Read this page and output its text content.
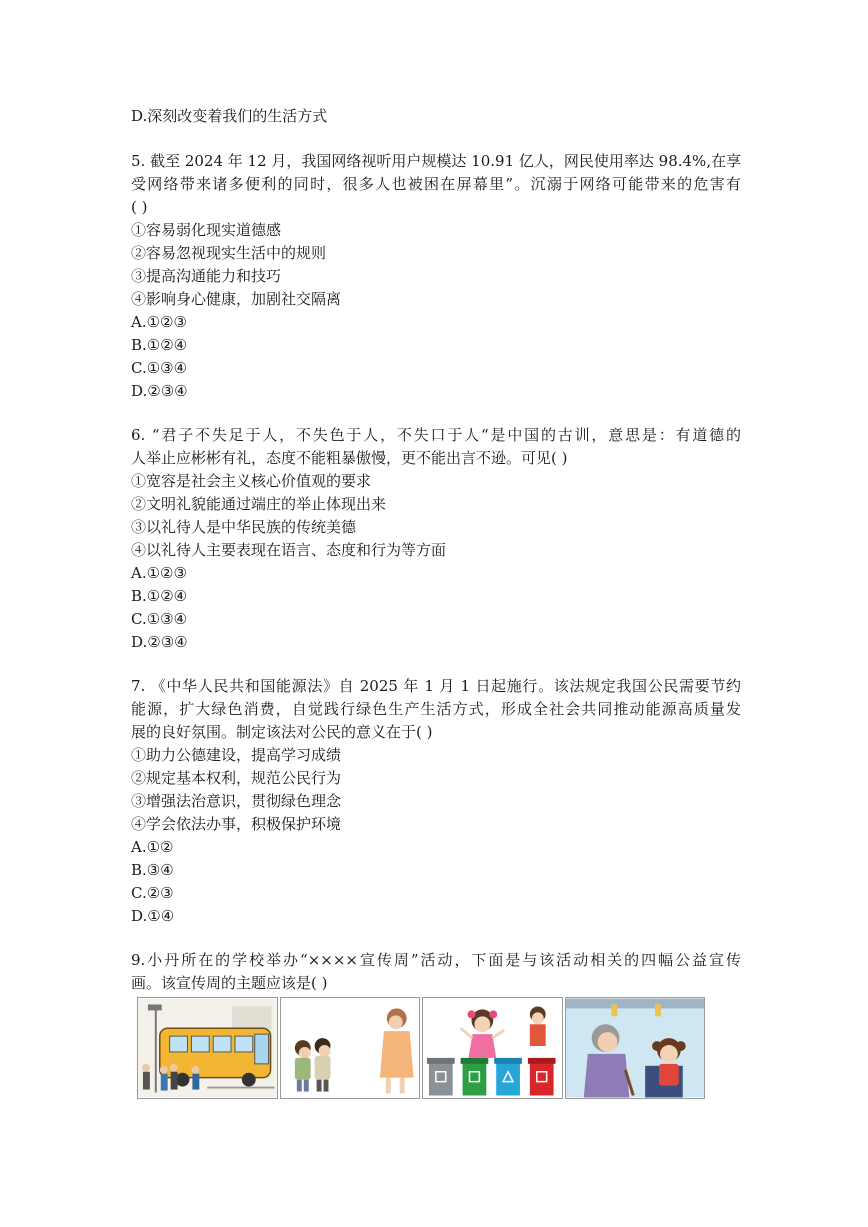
D.深刻改变着我们的生活方式
5. 截至 2024 年 12 月，我国网络视听用户规模达 10.91 亿人，网民使用率达 98.4%,在享
受网络带来诸多便利的同时，很多人也被困在屏幕里”。沉溺于网络可能带来的危害有
( )
①容易弱化现实道德感
②容易忽视现实生活中的规则
③提高沟通能力和技巧
④影响身心健康，加剧社交隔离
A.①②③
B.①②④
C.①③④
D.②③④
6. “君子不失足于人，不失色于人，不失口于人“是中国的古训，意思是：有道德的
人举止应彬彬有礼，态度不能粗暴傲慢，更不能出言不逊。可见( )
①宽容是社会主义核心价值观的要求
②文明礼貌能通过端庄的举止体现出来
③以礼待人是中华民族的传统美德
④以礼待人主要表现在语言、态度和行为等方面
A.①②③
B.①②④
C.①③④
D.②③④
7. 《中华人民共和国能源法》自 2025 年 1 月 1 日起施行。该法规定我国公民需要节约
能源，扩大绿色消费，自觉践行绿色生产生活方式，形成全社会共同推动能源高质量发
展的良好氛围。制定该法对公民的意义在于( )
①助力公德建设，提高学习成绩
②规定基本权利，规范公民行为
③增强法治意识，贯彻绿色理念
④学会依法办事，积极保护环境
A.①②
B.③④
C.②③
D.①④
9.小丹所在的学校举办“××××宣传周”活动，下面是与该活动相关的四幅公益宣传
画。该宣传周的主题应该是( )
